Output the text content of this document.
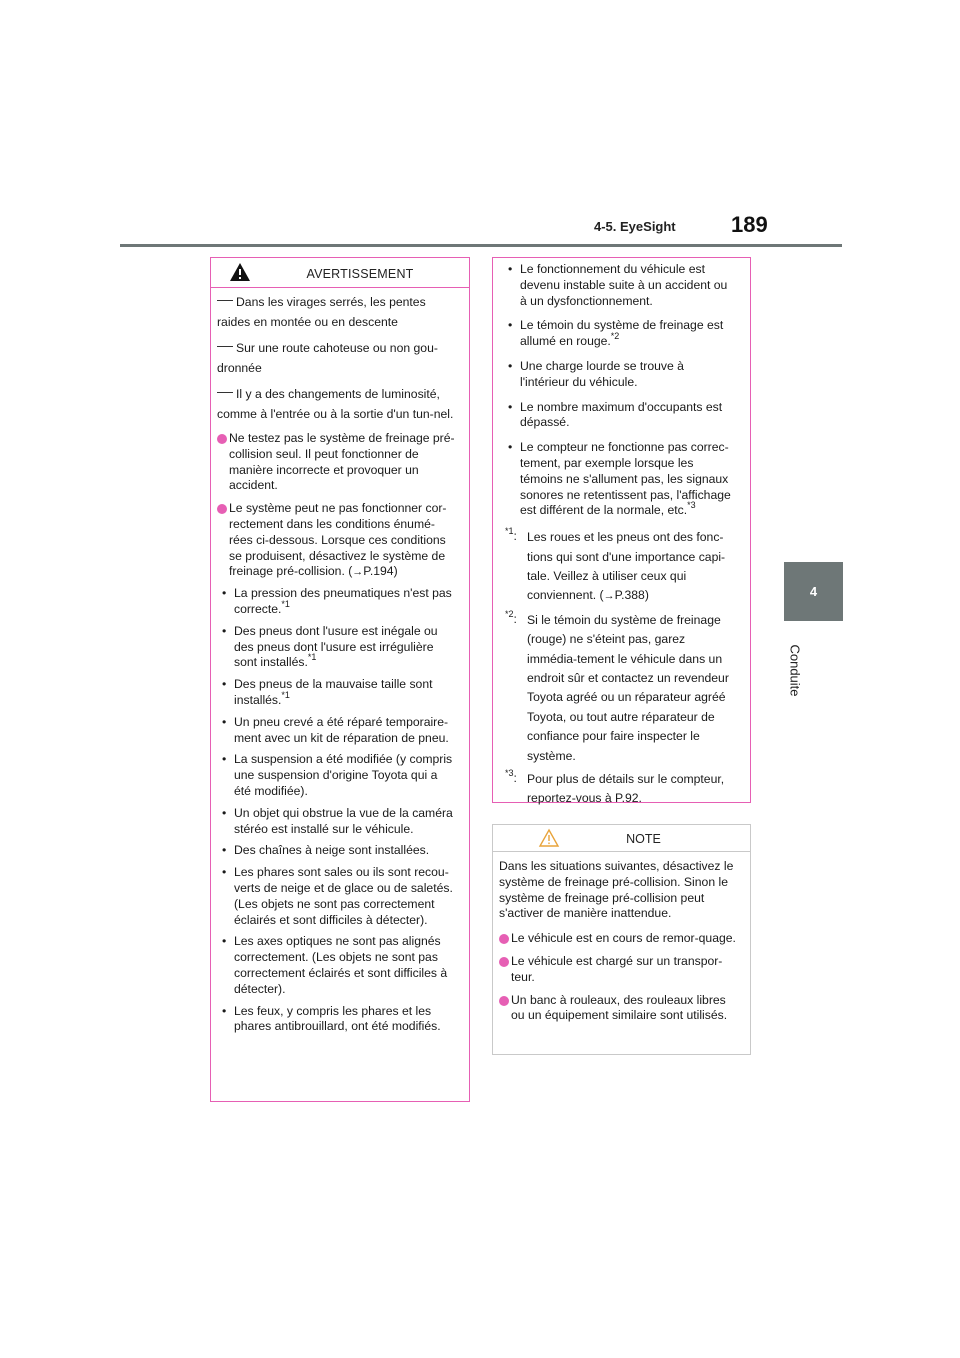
4-5. EyeSight	189
4
Conduite
AVERTISSEMENT
Dans les virages serrés, les pentes raides en montée ou en descente
Sur une route cahoteuse ou non gou-dronnée
Il y a des changements de luminosité, comme à l'entrée ou à la sortie d'un tun-nel.
Ne testez pas le système de freinage pré-collision seul. Il peut fonctionner de manière incorrecte et provoquer un accident.
Le système peut ne pas fonctionner cor-rectement dans les conditions énumé-rées ci-dessous. Lorsque ces conditions se produisent, désactivez le système de freinage pré-collision. (→P.194)
• La pression des pneumatiques n'est pas correcte.$^{*1}$
• Des pneus dont l'usure est inégale ou des pneus dont l'usure est irrégulière sont installés.$^{*1}$
• Des pneus de la mauvaise taille sont installés.$^{*1}$
• Un pneu crevé a été réparé temporaire-ment avec un kit de réparation de pneu.
• La suspension a été modifiée (y compris une suspension d'origine Toyota qui a été modifiée).
• Un objet qui obstrue la vue de la caméra stéréo est installé sur le véhicule.
• Des chaînes à neige sont installées.
• Les phares sont sales ou ils sont recou-verts de neige et de glace ou de saletés. (Les objets ne sont pas correctement éclairés et sont difficiles à détecter).
• Les axes optiques ne sont pas alignés correctement. (Les objets ne sont pas correctement éclairés et sont difficiles à détecter).
• Les feux, y compris les phares et les phares antibrouillard, ont été modifiés.
• Le fonctionnement du véhicule est devenu instable suite à un accident ou à un dysfonctionnement.
• Le témoin du système de freinage est allumé en rouge.$^{*2}$
• Une charge lourde se trouve à l'intérieur du véhicule.
• Le nombre maximum d'occupants est dépassé.
• Le compteur ne fonctionne pas correc-tement, par exemple lorsque les témoins ne s'allument pas, les signaux sonores ne retentissent pas, l'affichage est différent de la normale, etc.$^{*3}$
$^{*1}$: Les roues et les pneus ont des fonc-tions qui sont d'une importance capi-tale. Veillez à utiliser ceux qui conviennent. (→P.388)
$^{*2}$: Si le témoin du système de freinage (rouge) ne s'éteint pas, garez immédia-tement le véhicule dans un endroit sûr et contactez un revendeur Toyota agréé ou un réparateur agréé Toyota, ou tout autre réparateur de confiance pour faire inspecter le système.
$^{*3}$: Pour plus de détails sur le compteur, reportez-vous à P.92.
NOTE
Dans les situations suivantes, désactivez le système de freinage pré-collision. Sinon le système de freinage pré-collision peut s'activer de manière inattendue.
Le véhicule est en cours de remor-quage.
Le véhicule est chargé sur un transpor-teur.
Un banc à rouleaux, des rouleaux libres ou un équipement similaire sont utilisés.
